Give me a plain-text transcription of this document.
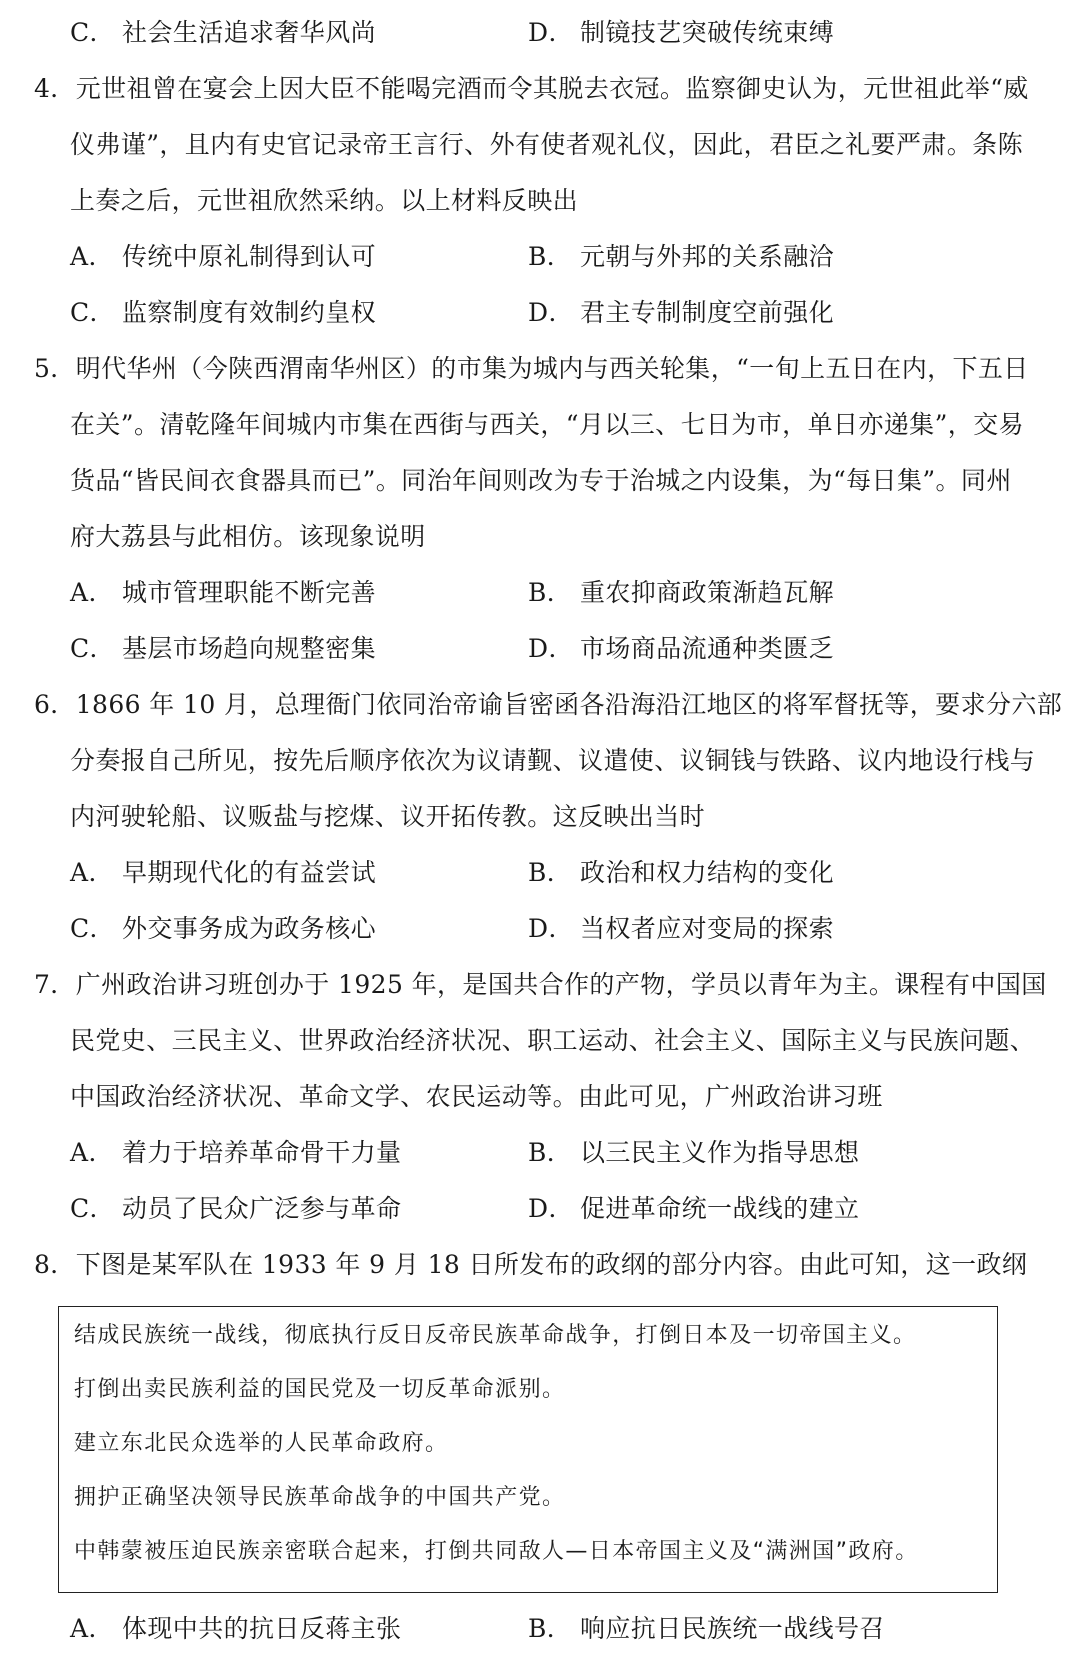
C． 社会生活追求奢华风尚	D． 制镜技艺突破传统束缚
4．元世祖曾在宴会上因大臣不能喝完酒而令其脱去衣冠。监察御史认为，元世祖此举“威
仪弗谨”，且内有史官记录帝王言行、外有使者观礼仪，因此，君臣之礼要严肃。条陈
上奏之后，元世祖欣然采纳。以上材料反映出
A． 传统中原礼制得到认可	B． 元朝与外邦的关系融洽
C． 监察制度有效制约皇权	D． 君主专制制度空前强化
5．明代华州（今陕西渭南华州区）的市集为城内与西关轮集，“一旬上五日在内，下五日
在关”。清乾隆年间城内市集在西街与西关，“月以三、七日为市，单日亦递集”，交易
货品“皆民间衣食器具而已”。同治年间则改为专于治城之内设集，为“每日集”。同州
府大荔县与此相仿。该现象说明
A． 城市管理职能不断完善	B． 重农抑商政策渐趋瓦解
C． 基层市场趋向规整密集	D． 市场商品流通种类匮乏
6．1866 年 10 月，总理衙门依同治帝谕旨密函各沿海沿江地区的将军督抚等，要求分六部
分奏报自己所见，按先后顺序依次为议请觐、议遣使、议铜钱与铁路、议内地设行栈与
内河驶轮船、议贩盐与挖煤、议开拓传教。这反映出当时
A． 早期现代化的有益尝试	B． 政治和权力结构的变化
C． 外交事务成为政务核心	D． 当权者应对变局的探索
7．广州政治讲习班创办于 1925 年，是国共合作的产物，学员以青年为主。课程有中国国
民党史、三民主义、世界政治经济状况、职工运动、社会主义、国际主义与民族问题、
中国政治经济状况、革命文学、农民运动等。由此可见，广州政治讲习班
A． 着力于培养革命骨干力量	B． 以三民主义作为指导思想
C． 动员了民众广泛参与革命	D． 促进革命统一战线的建立
8．下图是某军队在 1933 年 9 月 18 日所发布的政纲的部分内容。由此可知，这一政纲
结成民族统一战线，彻底执行反日反帝民族革命战争，打倒日本及一切帝国主义。
打倒出卖民族利益的国民党及一切反革命派别。
建立东北民众选举的人民革命政府。
拥护正确坚决领导民族革命战争的中国共产党。
中韩蒙被压迫民族亲密联合起来，打倒共同敌人—日本帝国主义及“满洲国”政府。
A． 体现中共的抗日反蒋主张	B． 响应抗日民族统一战线号召
